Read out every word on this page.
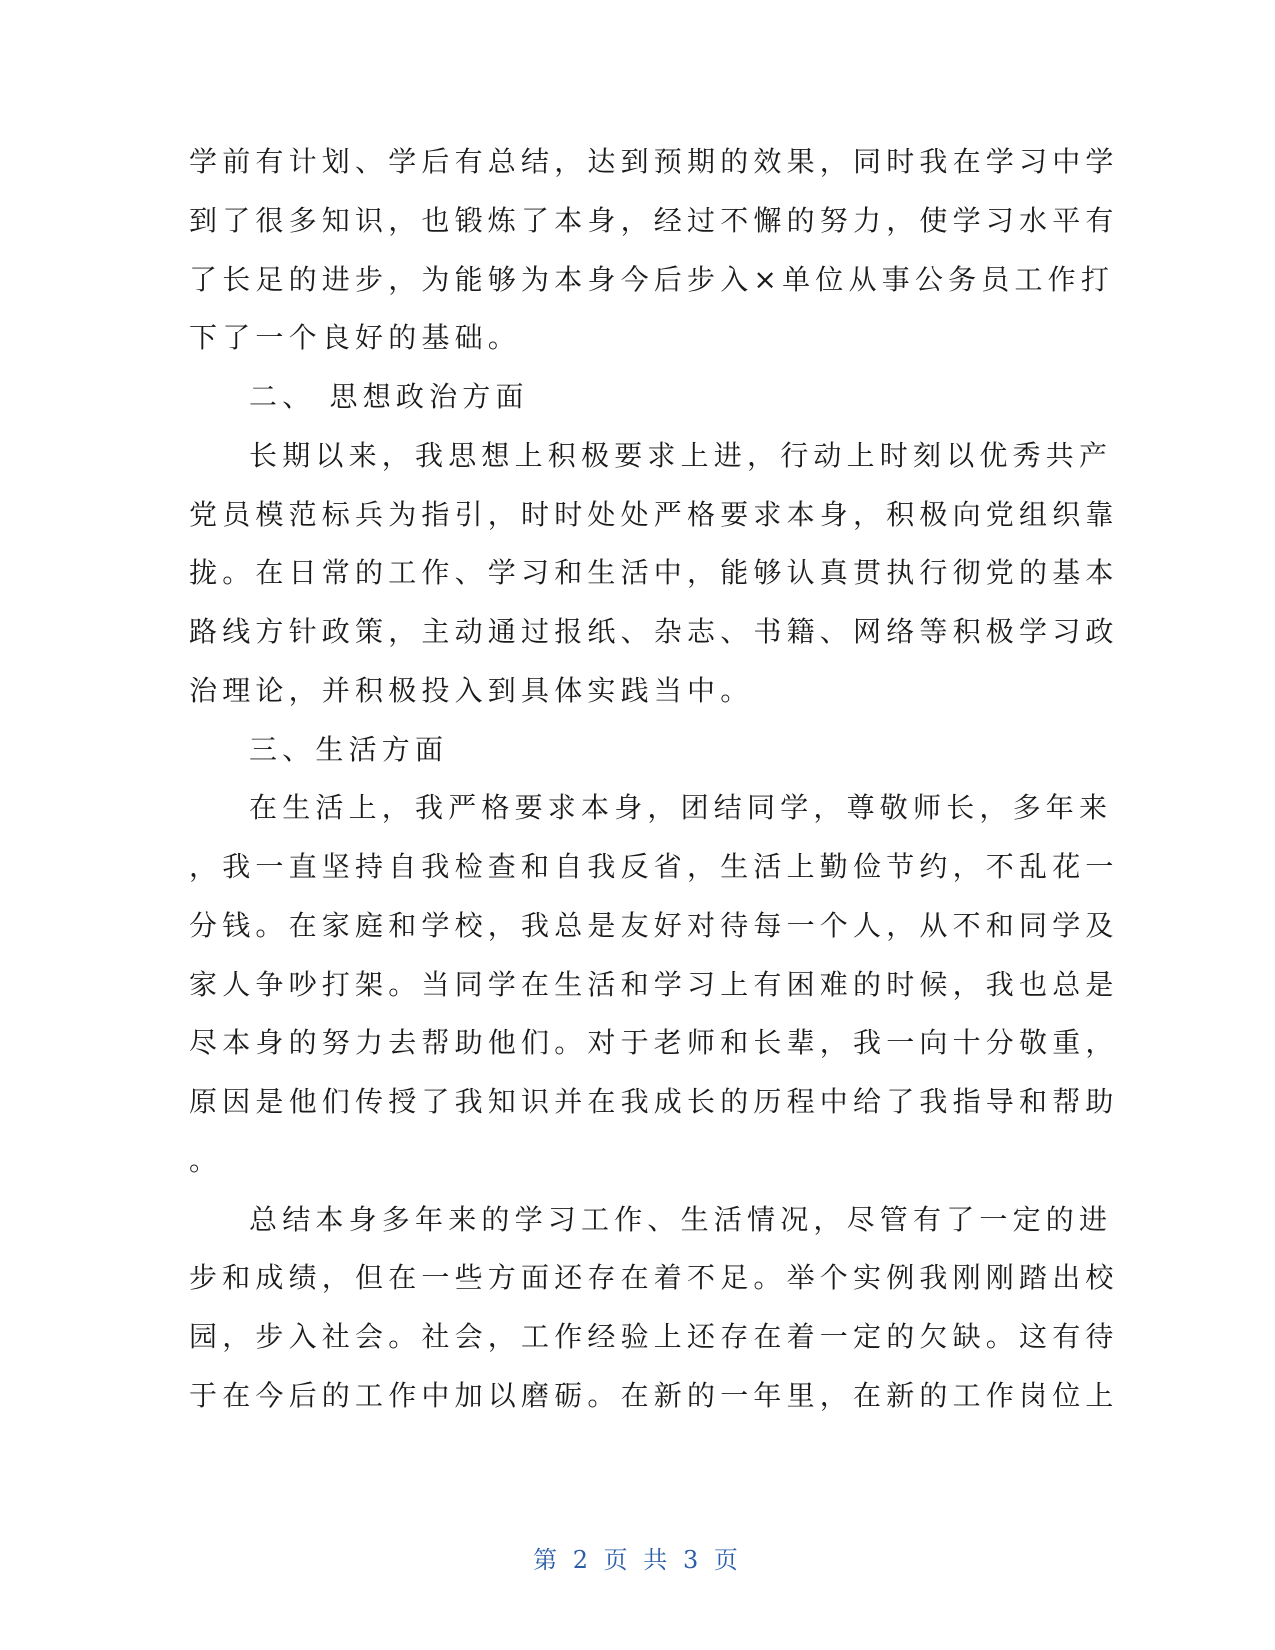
学前有计划、学后有总结，达到预期的效果，同时我在学习中学
到了很多知识，也锻炼了本身，经过不懈的努力，使学习水平有
了长足的进步，为能够为本身今后步入×单位从事公务员工作打
下了一个良好的基础。
二、 思想政治方面
长期以来，我思想上积极要求上进，行动上时刻以优秀共产
党员模范标兵为指引，时时处处严格要求本身，积极向党组织靠
拢。在日常的工作、学习和生活中，能够认真贯执行彻党的基本
路线方针政策，主动通过报纸、杂志、书籍、网络等积极学习政
治理论，并积极投入到具体实践当中。
三、生活方面
在生活上，我严格要求本身，团结同学，尊敬师长，多年来
，我一直坚持自我检查和自我反省，生活上勤俭节约，不乱花一
分钱。在家庭和学校，我总是友好对待每一个人，从不和同学及
家人争吵打架。当同学在生活和学习上有困难的时候，我也总是
尽本身的努力去帮助他们。对于老师和长辈，我一向十分敬重，
原因是他们传授了我知识并在我成长的历程中给了我指导和帮助
。
总结本身多年来的学习工作、生活情况，尽管有了一定的进
步和成绩，但在一些方面还存在着不足。举个实例我刚刚踏出校
园，步入社会。社会，工作经验上还存在着一定的欠缺。这有待
于在今后的工作中加以磨砺。在新的一年里，在新的工作岗位上
第 2 页 共 3 页
